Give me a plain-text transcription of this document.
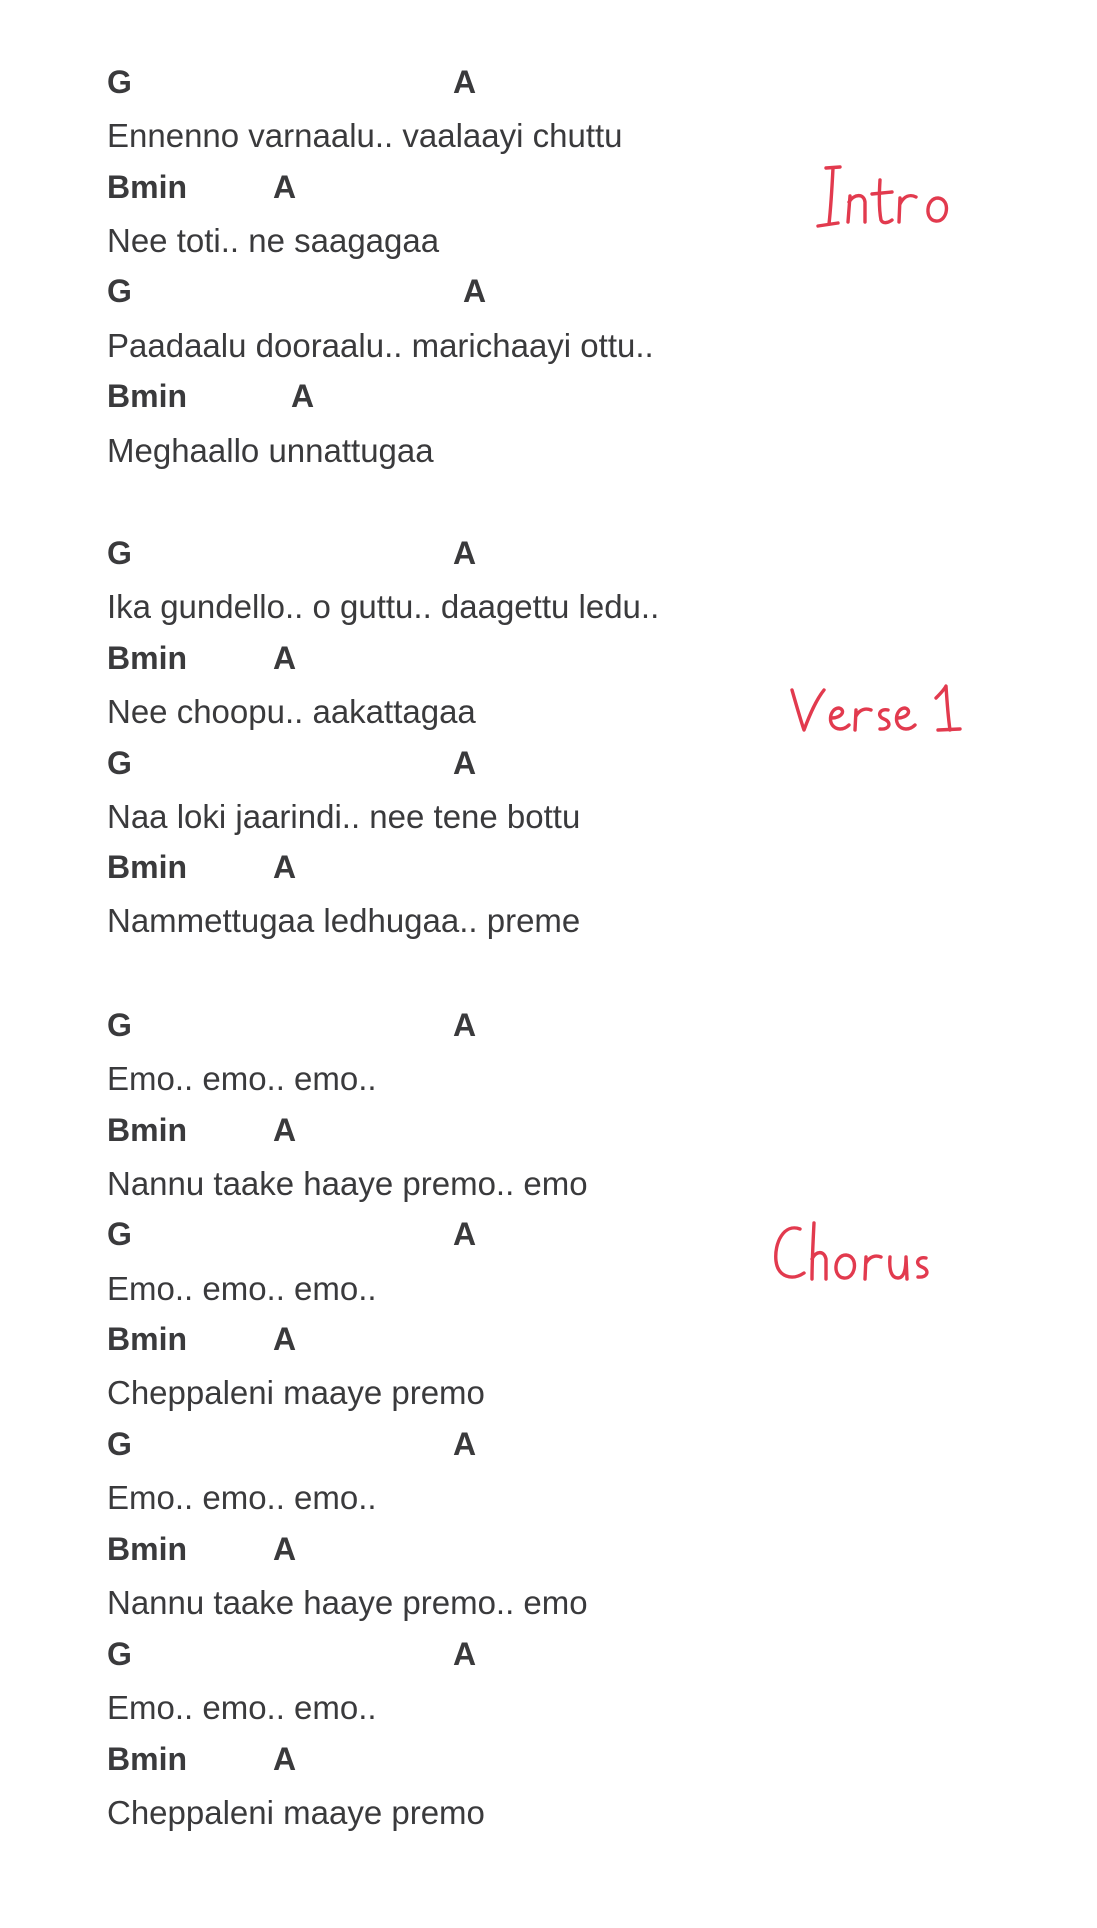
G

	A

Ennenno varnaalu.. vaalaayi chuttu

Bmin

	A

Nee toti.. ne saagagaa

G

	A

Paadaalu dooraalu.. marichaayi ottu..

Bmin

	A

Meghaallo unnattugaa

G

	A

Ika gundello.. o guttu.. daagettu ledu..

Bmin

	A

Nee choopu.. aakattagaa

G

	A

Naa loki jaarindi.. nee tene bottu

Bmin

	A

Nammettugaa ledhugaa.. preme

G

	A

Emo.. emo.. emo..

Bmin

	A

Nannu taake haaye premo.. emo

G

	A

Emo.. emo.. emo..

Bmin

	A

Cheppaleni maaye premo

G

	A

Emo.. emo.. emo..

Bmin

	A

Nannu taake haaye premo.. emo

G

	A

Emo.. emo.. emo..

Bmin

	A

Cheppaleni maaye premo
